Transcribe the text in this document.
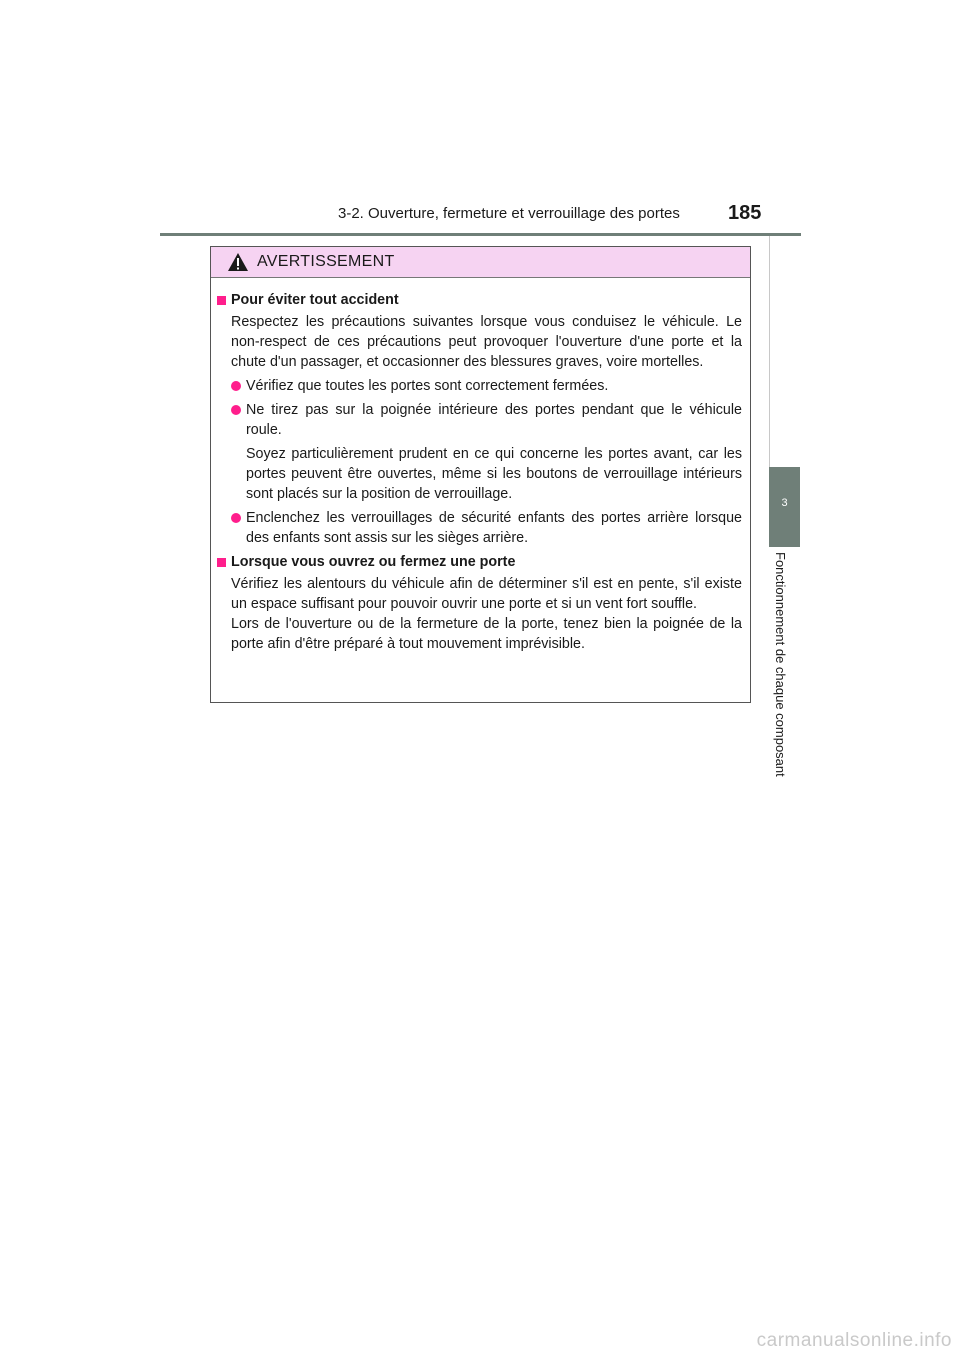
3-2. Ouverture, fermeture et verrouillage des portes 185
3
Fonctionnement de chaque composant
AVERTISSEMENT
Pour éviter tout accident
Respectez les précautions suivantes lorsque vous conduisez le véhicule. Le non-respect de ces précautions peut provoquer l'ouverture d'une porte et la chute d'un passager, et occasionner des blessures graves, voire mortelles.
Vérifiez que toutes les portes sont correctement fermées.
Ne tirez pas sur la poignée intérieure des portes pendant que le véhicule roule.
Soyez particulièrement prudent en ce qui concerne les portes avant, car les portes peuvent être ouvertes, même si les boutons de verrouillage intérieurs sont placés sur la position de verrouillage.
Enclenchez les verrouillages de sécurité enfants des portes arrière lorsque des enfants sont assis sur les sièges arrière.
Lorsque vous ouvrez ou fermez une porte
Vérifiez les alentours du véhicule afin de déterminer s'il est en pente, s'il existe un espace suffisant pour pouvoir ouvrir une porte et si un vent fort souffle.
Lors de l'ouverture ou de la fermeture de la porte, tenez bien la poignée de la porte afin d'être préparé à tout mouvement imprévisible.
carmanualsonline.info
